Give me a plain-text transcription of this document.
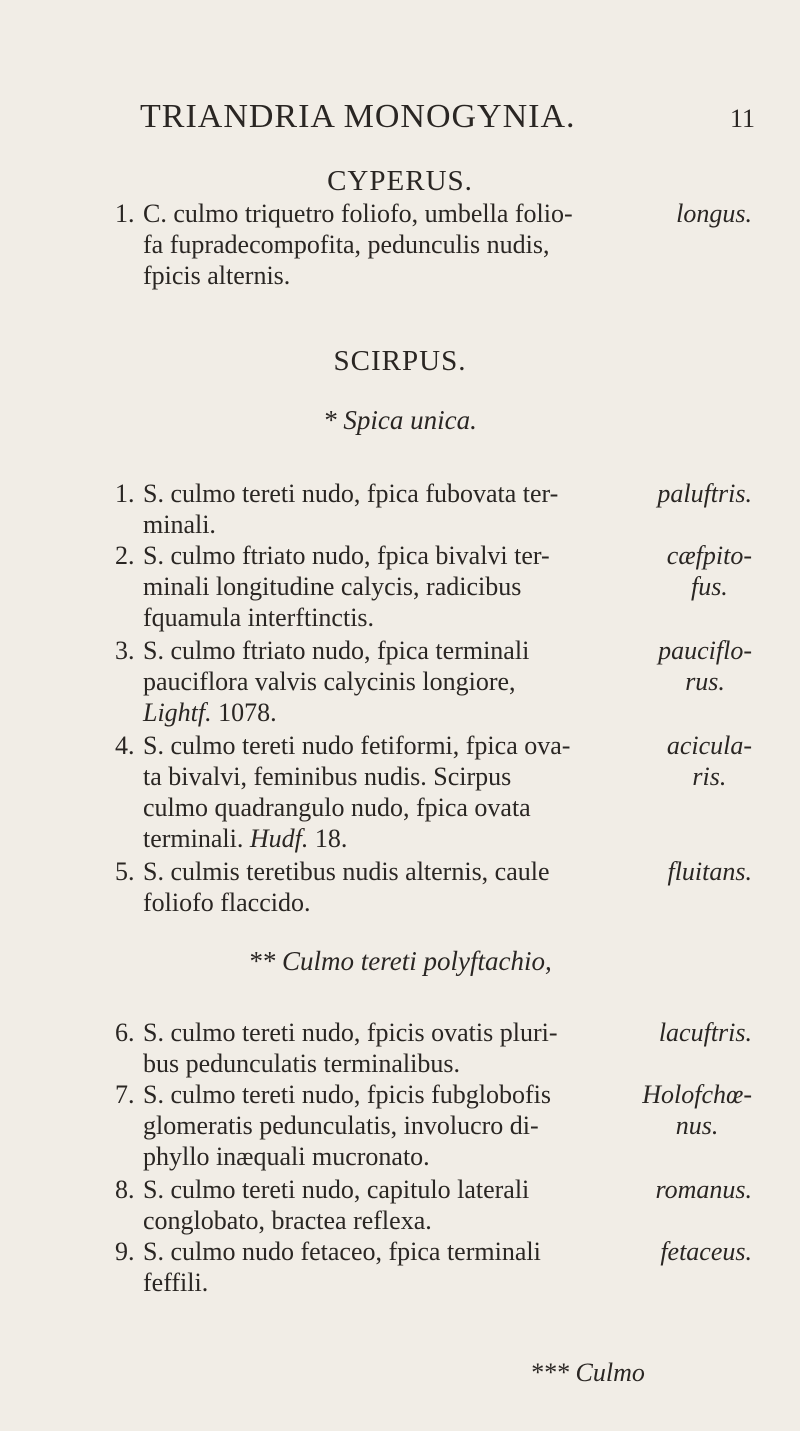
TRIANDRIA MONOGYNIA.	11
CYPERUS.
1. C. culmo triquetro foliofo, umbella folio-
fa fupradecompofita, pedunculis nudis,
fpicis alternis.
longus.
SCIRPUS.
* Spica unica.
1. S. culmo tereti nudo, fpica fubovata ter-
minali.
paluftris.
2. S. culmo ftriato nudo, fpica bivalvi ter-
minali longitudine calycis, radicibus
fquamula interftinctis.
cæfpito-
fus.
3. S. culmo ftriato nudo, fpica terminali
pauciflora valvis calycinis longiore,
Lightf. 1078.
pauciflo-
rus.
4. S. culmo tereti nudo fetiformi, fpica ova-
ta bivalvi, feminibus nudis. Scirpus
culmo quadrangulo nudo, fpica ovata
terminali. Hudf. 18.
acicula-
ris.
5. S. culmis teretibus nudis alternis, caule
foliofo flaccido.
fluitans.
** Culmo tereti polyftachio,
6. S. culmo tereti nudo, fpicis ovatis pluri-
bus pedunculatis terminalibus.
lacuftris.
7. S. culmo tereti nudo, fpicis fubglobofis
glomeratis pedunculatis, involucro di-
phyllo inæquali mucronato.
Holofchœ-
nus.
8. S. culmo tereti nudo, capitulo laterali
conglobato, bractea reflexa.
romanus.
9. S. culmo nudo fetaceo, fpica terminali
feffili.
fetaceus.
*** Culmo
